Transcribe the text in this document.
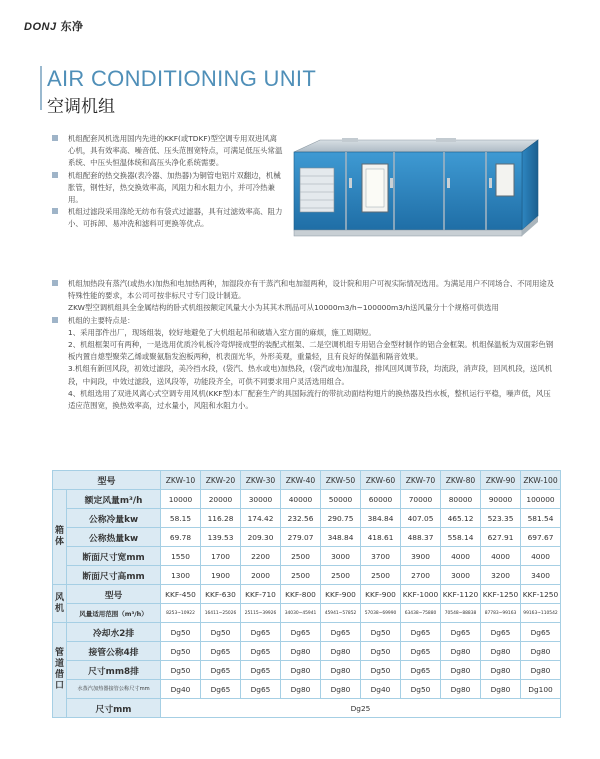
DONJ 东净
AIR CONDITIONING UNIT
空调机组
机组配套风机选用国内先进的KKF(或TDKF)型空调专用双进风离心机，具有效率高、噪音低、压头范围宽特点，可满足低压头常温系统、中压头恒温体统和高压头净化系统需要。
机组配套的热交换器(表冷器、加热器)为铜管电铝片双翻边，机械胀管，钢性好，热交换效率高，风阻力和水阻力小，并可冷热兼用。
机组过滤段采用涤纶无纺布有袋式过滤器，具有过滤效率高、阻力小、可拆卸、易冲洗和滤料可更换等优点。
机组加热段有蒸汽(或热水)加热和电加热两种，加湿段亦有干蒸汽和电加湿两种，设计院和用户可视实际情况选用。为满足用户不同场合、不同用途及特殊性能的要求，本公司可按非标尺寸专门设计制造。
ZKW型空调机组具全金属结构的卧式机组按额定风量大小为其其木刑品可从10000m3/h~100000m3/h送风量分十个规格可供选用
机组的主要特点是：
1、采用部件出厂，现场组装，较好地避免了大机组起吊和破墙入室方面的麻烦，施工周期短。
2、机组框架可有两种，一是选用优质冷轧板冷弯焊接成型的装配式框架、二是空调机组专用铝合金型材制作的铝合金框架。机组保温板为双面彩色钢板内置自熄型聚荣乙烯或聚氨脂发泡板两种，机表面光华，外形美观，重量轻，且有良好的保温和隔音效果。
3.机组有新回风段，初效过滤段，美冷挡水段，(袋汽、热水或电)加热段，(袋汽或电)加温段，排风回风调节段，均流段，消声段，回风机段，送风机段，中间段，中效过滤段，送风段等，功能段齐全，可供不同要求用户灵活选用组合。
4、机组选用了双进风离心式空调专用风机(KKF型)本厂配套生产的具国际流行的带抗动面结构翅片的换热器及挡水板，整机运行平稳，噪声低，风压适应范围宽，换热效率高，过水量小，风阻和水阻力小。
型号		ZKW-10	ZKW-20	ZKW-30	ZKW-40	ZKW-50	ZKW-60	ZKW-70	ZKW-80	ZKW-90	ZKW-100
箱体	额定风量m³/h	10000	20000	30000	40000	50000	60000	70000	80000	90000	100000
	公称冷量kw	58.15	116.28	174.42	232.56	290.75	384.84	407.05	465.12	523.35	581.54
	公称热量kw	69.78	139.53	209.30	279.07	348.84	418.61	488.37	558.14	627.91	697.67
	断面尺寸宽mm	1550	1700	2200	2500	3000	3700	3900	4000	4000	4000
	断面尺寸高mm	1300	1900	2000	2500	2500	2500	2700	3000	3200	3400
风机	型号	KKF-450	KKF-630	KKF-710	KKF-800	KKF-900	KKF-900	KKF-1000	KKF-1120	KKF-1250	KKF-1250
	风量适用范围（m³/h）	8253~10922	16411~25026	25115~39926	34030~45941	45941~57852	57038~69990	63438~75880	70548~88838	87783~99163	99163~110542
管道借口	冷却水2排	Dg50	Dg50	Dg65	Dg65	Dg65	Dg50	Dg65	Dg65	Dg65	Dg65
	接管公称4排	Dg50	Dg65	Dg65	Dg80	Dg80	Dg50	Dg65	Dg80	Dg80	Dg80
	尺寸mm8排	Dg50	Dg65	Dg65	Dg80	Dg80	Dg50	Dg65	Dg80	Dg80	Dg80
	水蒸汽加热器接管公称尺寸mm	Dg40	Dg65	Dg65	Dg80	Dg80	Dg40	Dg50	Dg80	Dg80	Dg100
	尺寸mm	Dg25									
